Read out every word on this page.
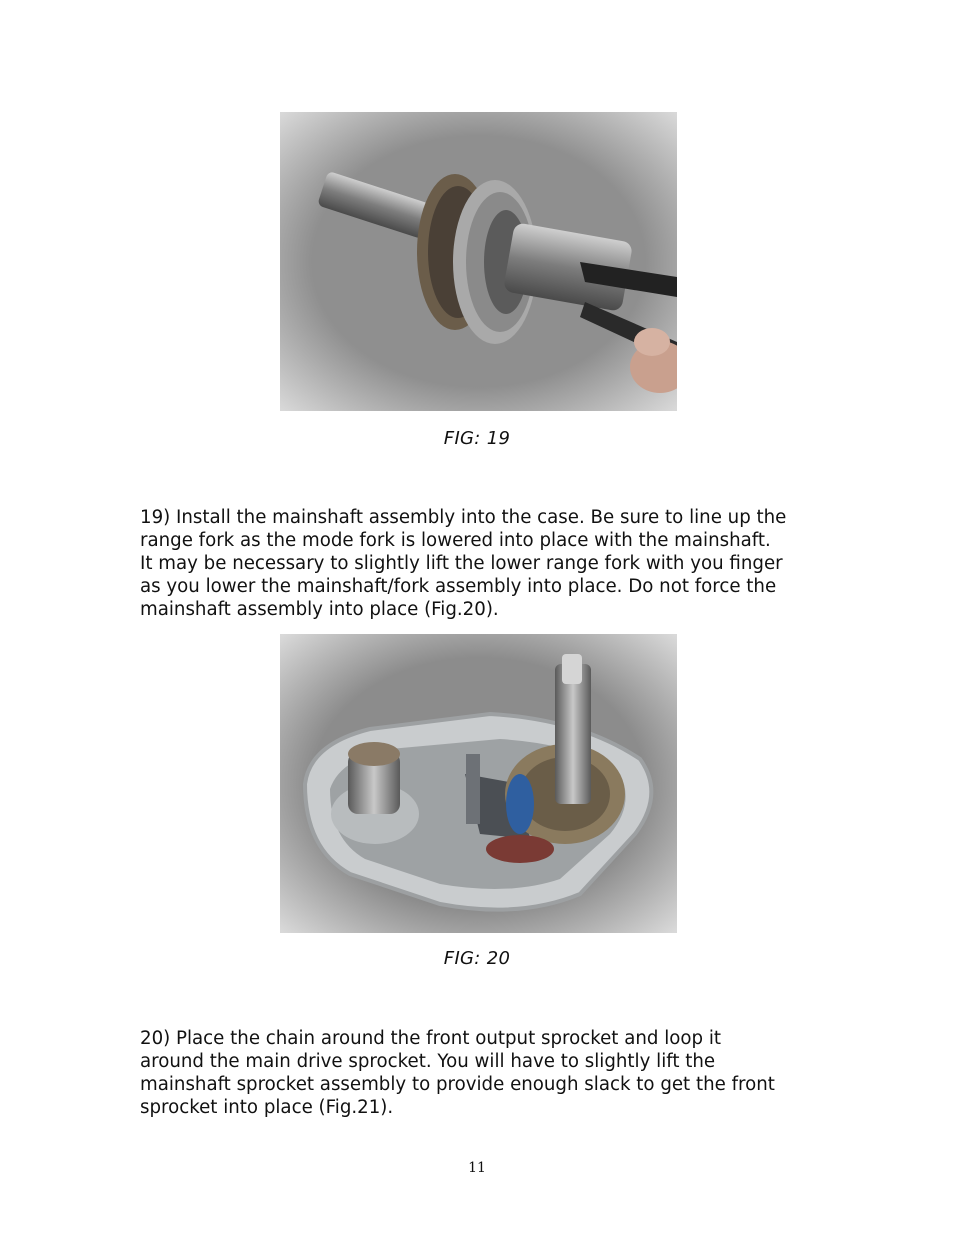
FIG: 19

19) Install the mainshaft assembly into the case. Be sure to line up the
range fork as the mode fork is lowered into place with the mainshaft.
It may be necessary to slightly lift the lower range fork with you finger
as you lower the mainshaft/fork assembly into place. Do not force the
mainshaft assembly into place (Fig.20).

FIG: 20

20) Place the chain around the front output sprocket and loop it
around the main drive sprocket. You will have to slightly lift the
mainshaft sprocket assembly to provide enough slack to get the front
sprocket into place (Fig.21).

11
